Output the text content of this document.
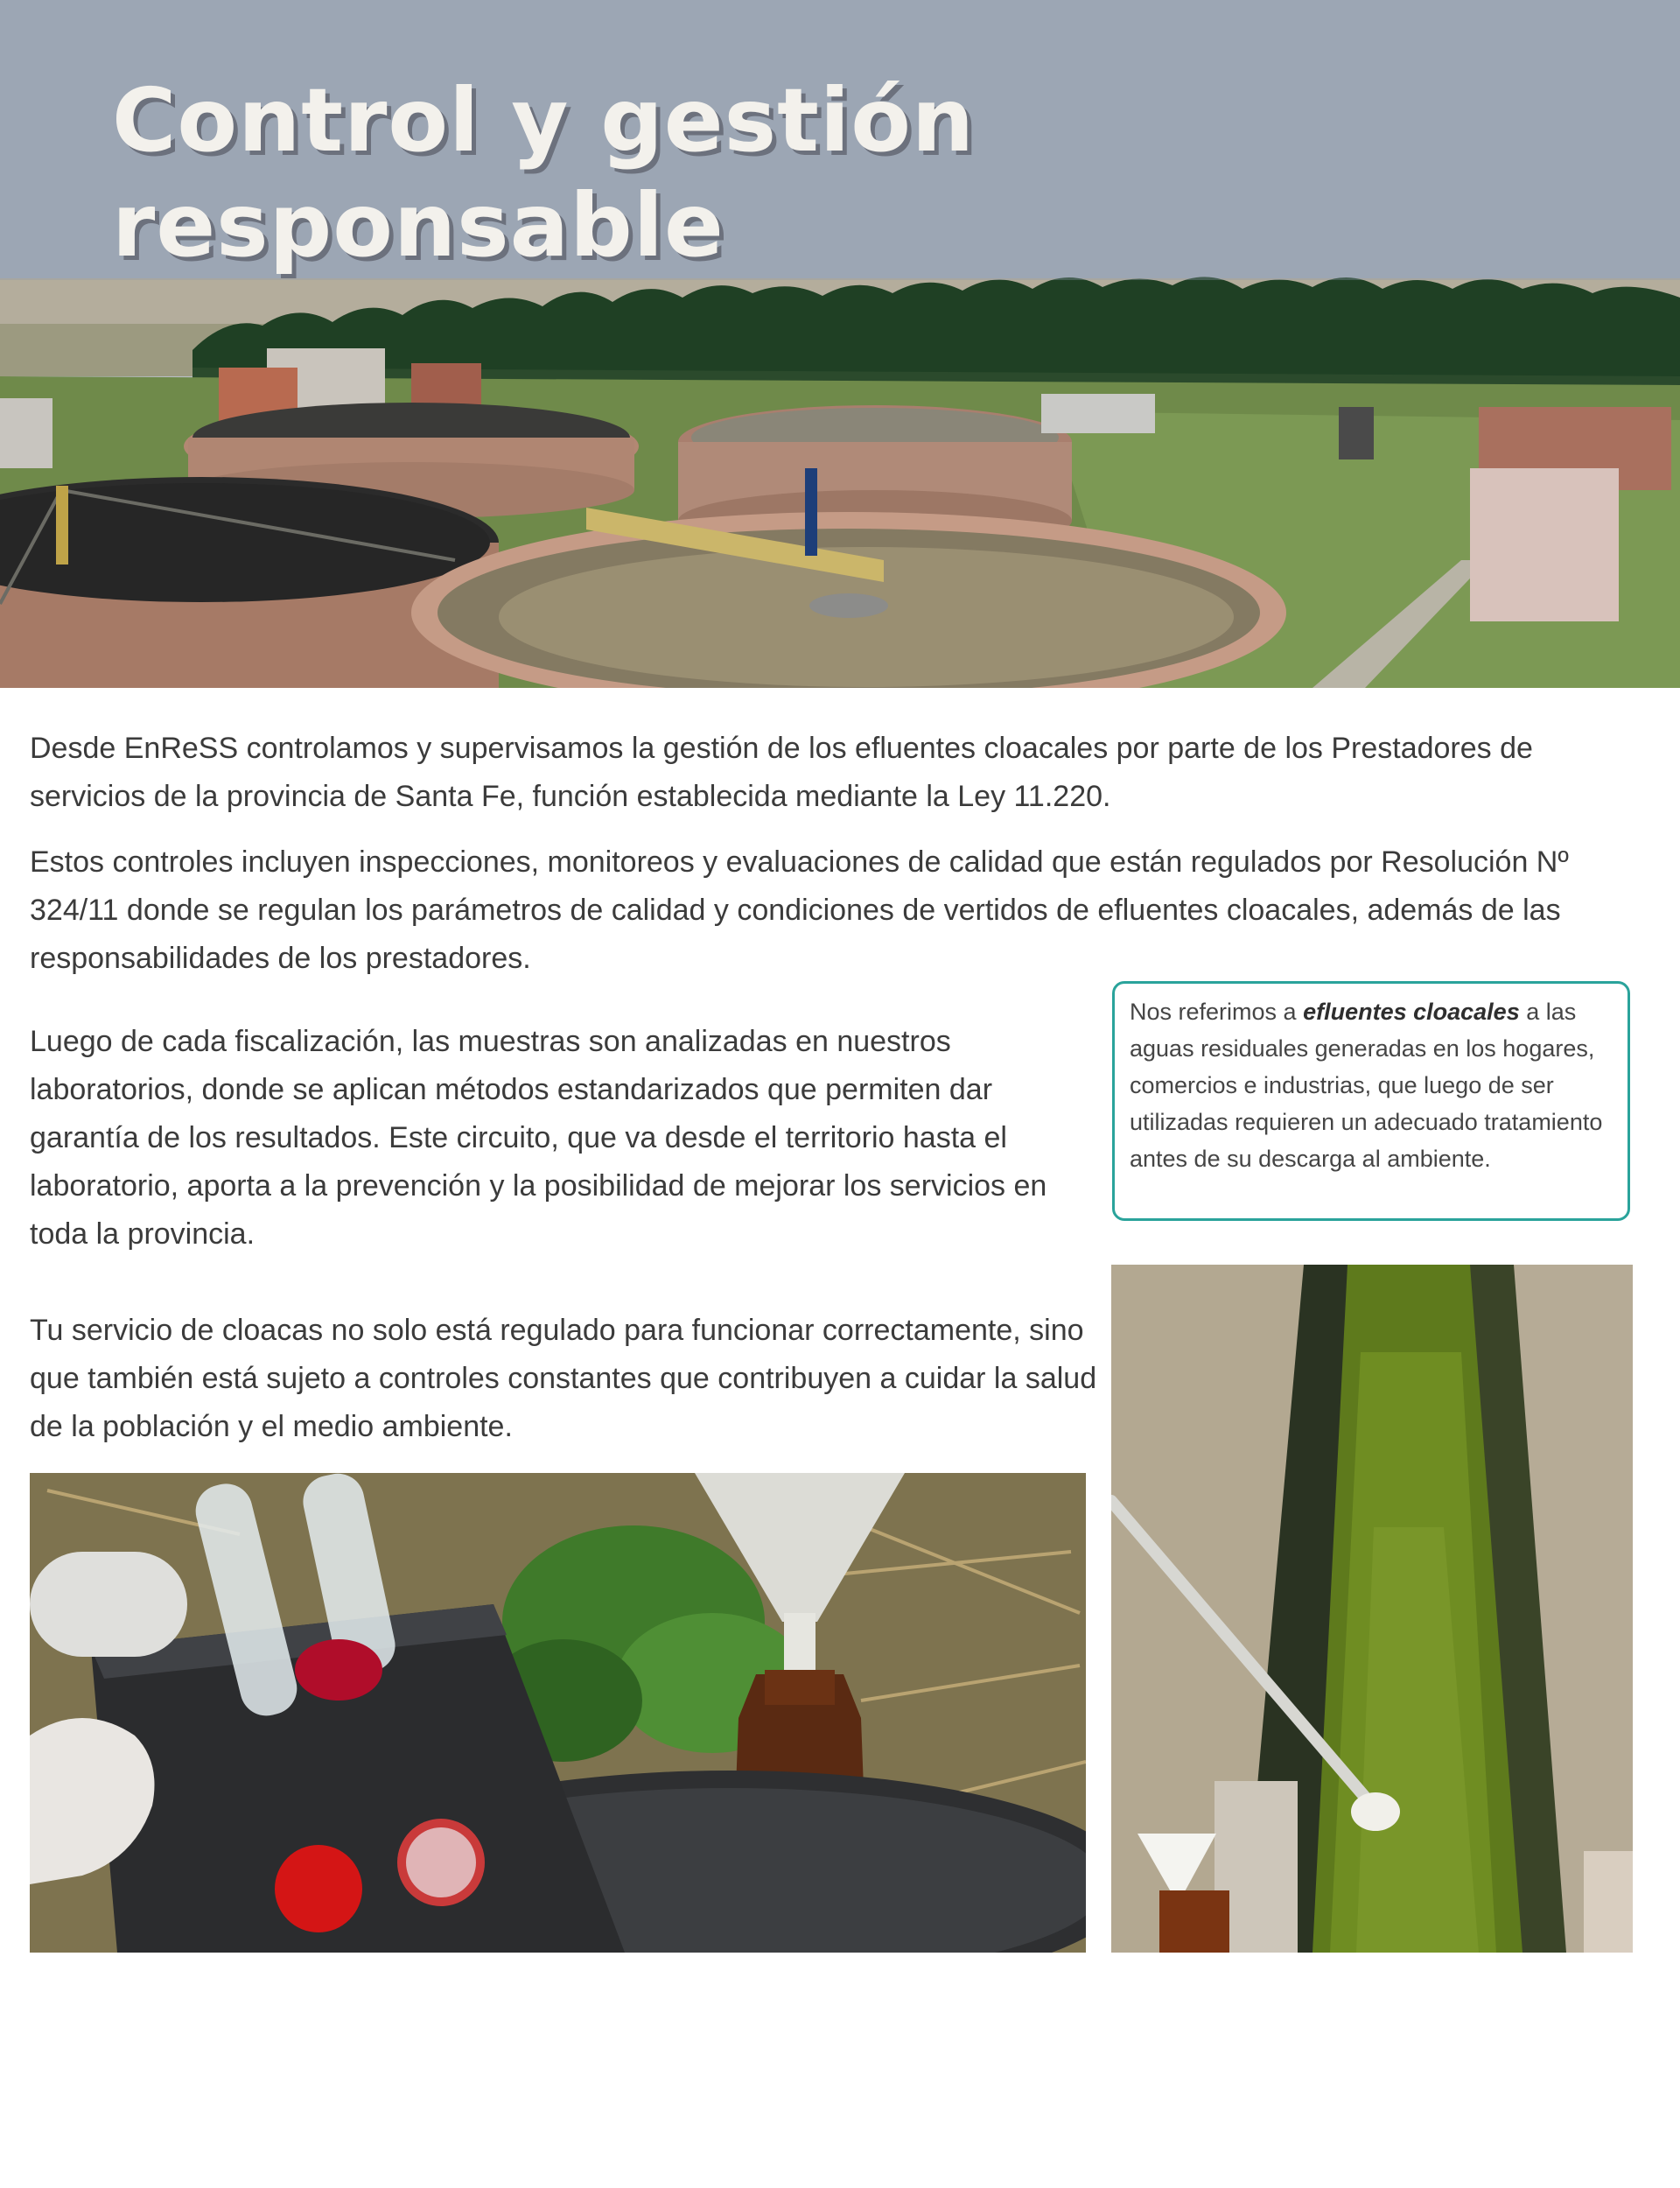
Control y gestión
responsable

Desde EnReSS controlamos y supervisamos la gestión de los efluentes cloacales por parte de los Prestadores de servicios de la provincia de Santa Fe, función establecida mediante la Ley 11.220.

Estos controles incluyen inspecciones, monitoreos y evaluaciones de calidad que están regulados por Resolución Nº 324/11 donde se regulan los parámetros de calidad y condiciones de vertidos de efluentes cloacales, además de las responsabilidades de los prestadores.

Luego de cada fiscalización, las muestras son analizadas en nuestros laboratorios, donde se aplican métodos estandarizados que permiten dar garantía de los resultados. Este circuito, que va desde el territorio hasta el laboratorio, aporta a la prevención y la posibilidad de mejorar los servicios en toda la provincia.

Tu servicio de cloacas no solo está regulado para funcionar correctamente, sino que también está sujeto a controles constantes que contribuyen a cuidar la salud de la población y el medio ambiente.

Nos referimos a efluentes cloacales a las aguas residuales generadas en los hogares, comercios e industrias, que luego de ser utilizadas requieren un adecuado tratamiento antes de su descarga al ambiente.
